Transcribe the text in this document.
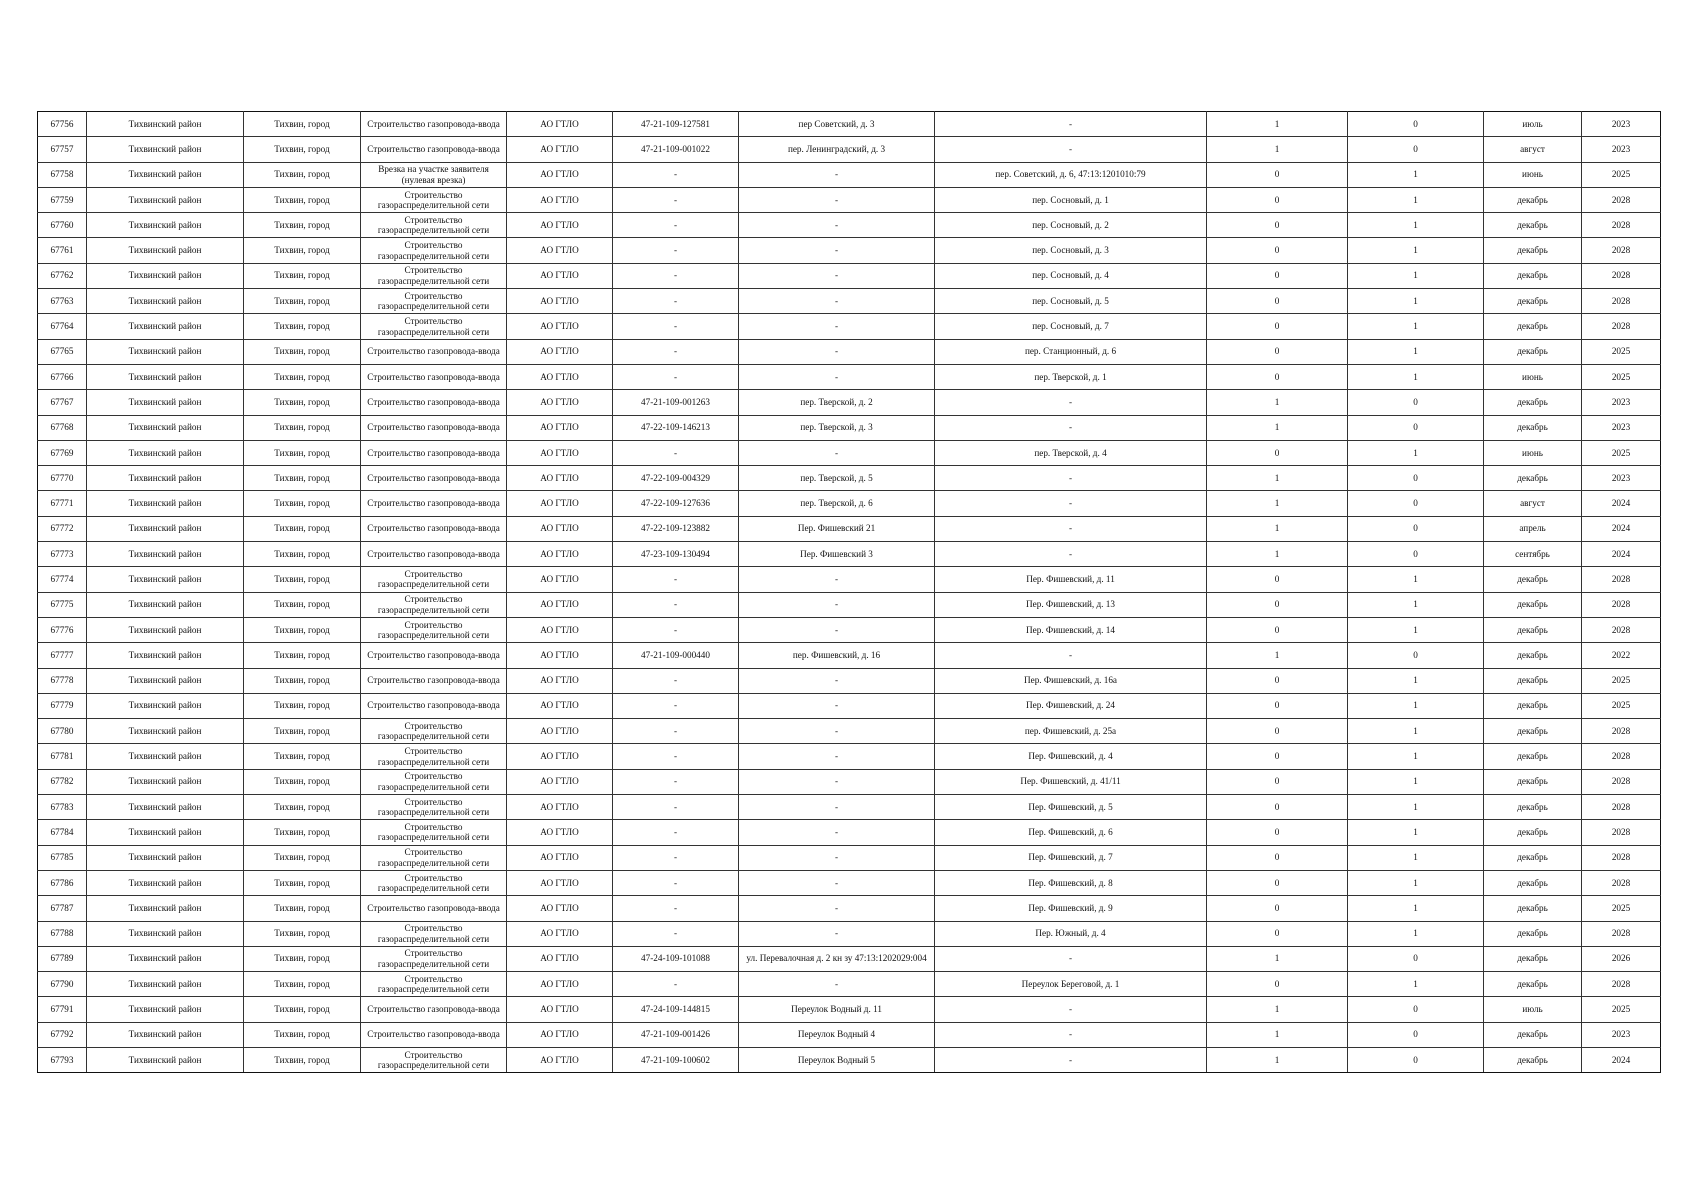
67756	Тихвинский район	Тихвин, город	Строительство газопровода-ввода	АО ГТЛО	47-21-109-127581	пер Советский, д. 3	-	1	0	июль	2023
67757	Тихвинский район	Тихвин, город	Строительство газопровода-ввода	АО ГТЛО	47-21-109-001022	пер. Ленинградский, д. 3	-	1	0	август	2023
67758	Тихвинский район	Тихвин, город	Врезка на участке заявителя (нулевая врезка)	АО ГТЛО	-	-	пер. Советский, д. 6, 47:13:1201010:79	0	1	июнь	2025
67759	Тихвинский район	Тихвин, город	Строительство газораспределительной сети	АО ГТЛО	-	-	пер. Сосновый, д. 1	0	1	декабрь	2028
67760	Тихвинский район	Тихвин, город	Строительство газораспределительной сети	АО ГТЛО	-	-	пер. Сосновый, д. 2	0	1	декабрь	2028
67761	Тихвинский район	Тихвин, город	Строительство газораспределительной сети	АО ГТЛО	-	-	пер. Сосновый, д. 3	0	1	декабрь	2028
67762	Тихвинский район	Тихвин, город	Строительство газораспределительной сети	АО ГТЛО	-	-	пер. Сосновый, д. 4	0	1	декабрь	2028
67763	Тихвинский район	Тихвин, город	Строительство газораспределительной сети	АО ГТЛО	-	-	пер. Сосновый, д. 5	0	1	декабрь	2028
67764	Тихвинский район	Тихвин, город	Строительство газораспределительной сети	АО ГТЛО	-	-	пер. Сосновый, д. 7	0	1	декабрь	2028
67765	Тихвинский район	Тихвин, город	Строительство газопровода-ввода	АО ГТЛО	-	-	пер. Станционный, д. 6	0	1	декабрь	2025
67766	Тихвинский район	Тихвин, город	Строительство газопровода-ввода	АО ГТЛО	-	-	пер. Тверской, д. 1	0	1	июнь	2025
67767	Тихвинский район	Тихвин, город	Строительство газопровода-ввода	АО ГТЛО	47-21-109-001263	пер. Тверской, д. 2	-	1	0	декабрь	2023
67768	Тихвинский район	Тихвин, город	Строительство газопровода-ввода	АО ГТЛО	47-22-109-146213	пер. Тверской, д. 3	-	1	0	декабрь	2023
67769	Тихвинский район	Тихвин, город	Строительство газопровода-ввода	АО ГТЛО	-	-	пер. Тверской, д. 4	0	1	июнь	2025
67770	Тихвинский район	Тихвин, город	Строительство газопровода-ввода	АО ГТЛО	47-22-109-004329	пер. Тверской, д. 5	-	1	0	декабрь	2023
67771	Тихвинский район	Тихвин, город	Строительство газопровода-ввода	АО ГТЛО	47-22-109-127636	пер. Тверской, д. 6	-	1	0	август	2024
67772	Тихвинский район	Тихвин, город	Строительство газопровода-ввода	АО ГТЛО	47-22-109-123882	Пер. Фишевский 21	-	1	0	апрель	2024
67773	Тихвинский район	Тихвин, город	Строительство газопровода-ввода	АО ГТЛО	47-23-109-130494	Пер. Фишевский 3	-	1	0	сентябрь	2024
67774	Тихвинский район	Тихвин, город	Строительство газораспределительной сети	АО ГТЛО	-	-	Пер. Фишевский, д. 11	0	1	декабрь	2028
67775	Тихвинский район	Тихвин, город	Строительство газораспределительной сети	АО ГТЛО	-	-	Пер. Фишевский, д. 13	0	1	декабрь	2028
67776	Тихвинский район	Тихвин, город	Строительство газораспределительной сети	АО ГТЛО	-	-	Пер. Фишевский, д. 14	0	1	декабрь	2028
67777	Тихвинский район	Тихвин, город	Строительство газопровода-ввода	АО ГТЛО	47-21-109-000440	пер. Фишевский, д. 16	-	1	0	декабрь	2022
67778	Тихвинский район	Тихвин, город	Строительство газопровода-ввода	АО ГТЛО	-	-	Пер. Фишевский, д. 16а	0	1	декабрь	2025
67779	Тихвинский район	Тихвин, город	Строительство газопровода-ввода	АО ГТЛО	-	-	Пер. Фишевский, д. 24	0	1	декабрь	2025
67780	Тихвинский район	Тихвин, город	Строительство газораспределительной сети	АО ГТЛО	-	-	пер. Фишевский, д. 25а	0	1	декабрь	2028
67781	Тихвинский район	Тихвин, город	Строительство газораспределительной сети	АО ГТЛО	-	-	Пер. Фишевский, д. 4	0	1	декабрь	2028
67782	Тихвинский район	Тихвин, город	Строительство газораспределительной сети	АО ГТЛО	-	-	Пер. Фишевский, д. 41/11	0	1	декабрь	2028
67783	Тихвинский район	Тихвин, город	Строительство газораспределительной сети	АО ГТЛО	-	-	Пер. Фишевский, д. 5	0	1	декабрь	2028
67784	Тихвинский район	Тихвин, город	Строительство газораспределительной сети	АО ГТЛО	-	-	Пер. Фишевский, д. 6	0	1	декабрь	2028
67785	Тихвинский район	Тихвин, город	Строительство газораспределительной сети	АО ГТЛО	-	-	Пер. Фишевский, д. 7	0	1	декабрь	2028
67786	Тихвинский район	Тихвин, город	Строительство газораспределительной сети	АО ГТЛО	-	-	Пер. Фишевский, д. 8	0	1	декабрь	2028
67787	Тихвинский район	Тихвин, город	Строительство газопровода-ввода	АО ГТЛО	-	-	Пер. Фишевский, д. 9	0	1	декабрь	2025
67788	Тихвинский район	Тихвин, город	Строительство газораспределительной сети	АО ГТЛО	-	-	Пер. Южный, д. 4	0	1	декабрь	2028
67789	Тихвинский район	Тихвин, город	Строительство газораспределительной сети	АО ГТЛО	47-24-109-101088	ул. Перевалочная д. 2 кн зу 47:13:1202029:004	-	1	0	декабрь	2026
67790	Тихвинский район	Тихвин, город	Строительство газораспределительной сети	АО ГТЛО	-	-	Переулок Береговой, д. 1	0	1	декабрь	2028
67791	Тихвинский район	Тихвин, город	Строительство газопровода-ввода	АО ГТЛО	47-24-109-144815	Переулок Водный д. 11	-	1	0	июль	2025
67792	Тихвинский район	Тихвин, город	Строительство газопровода-ввода	АО ГТЛО	47-21-109-001426	Переулок Водный 4	-	1	0	декабрь	2023
67793	Тихвинский район	Тихвин, город	Строительство газораспределительной сети	АО ГТЛО	47-21-109-100602	Переулок Водный 5	-	1	0	декабрь	2024
